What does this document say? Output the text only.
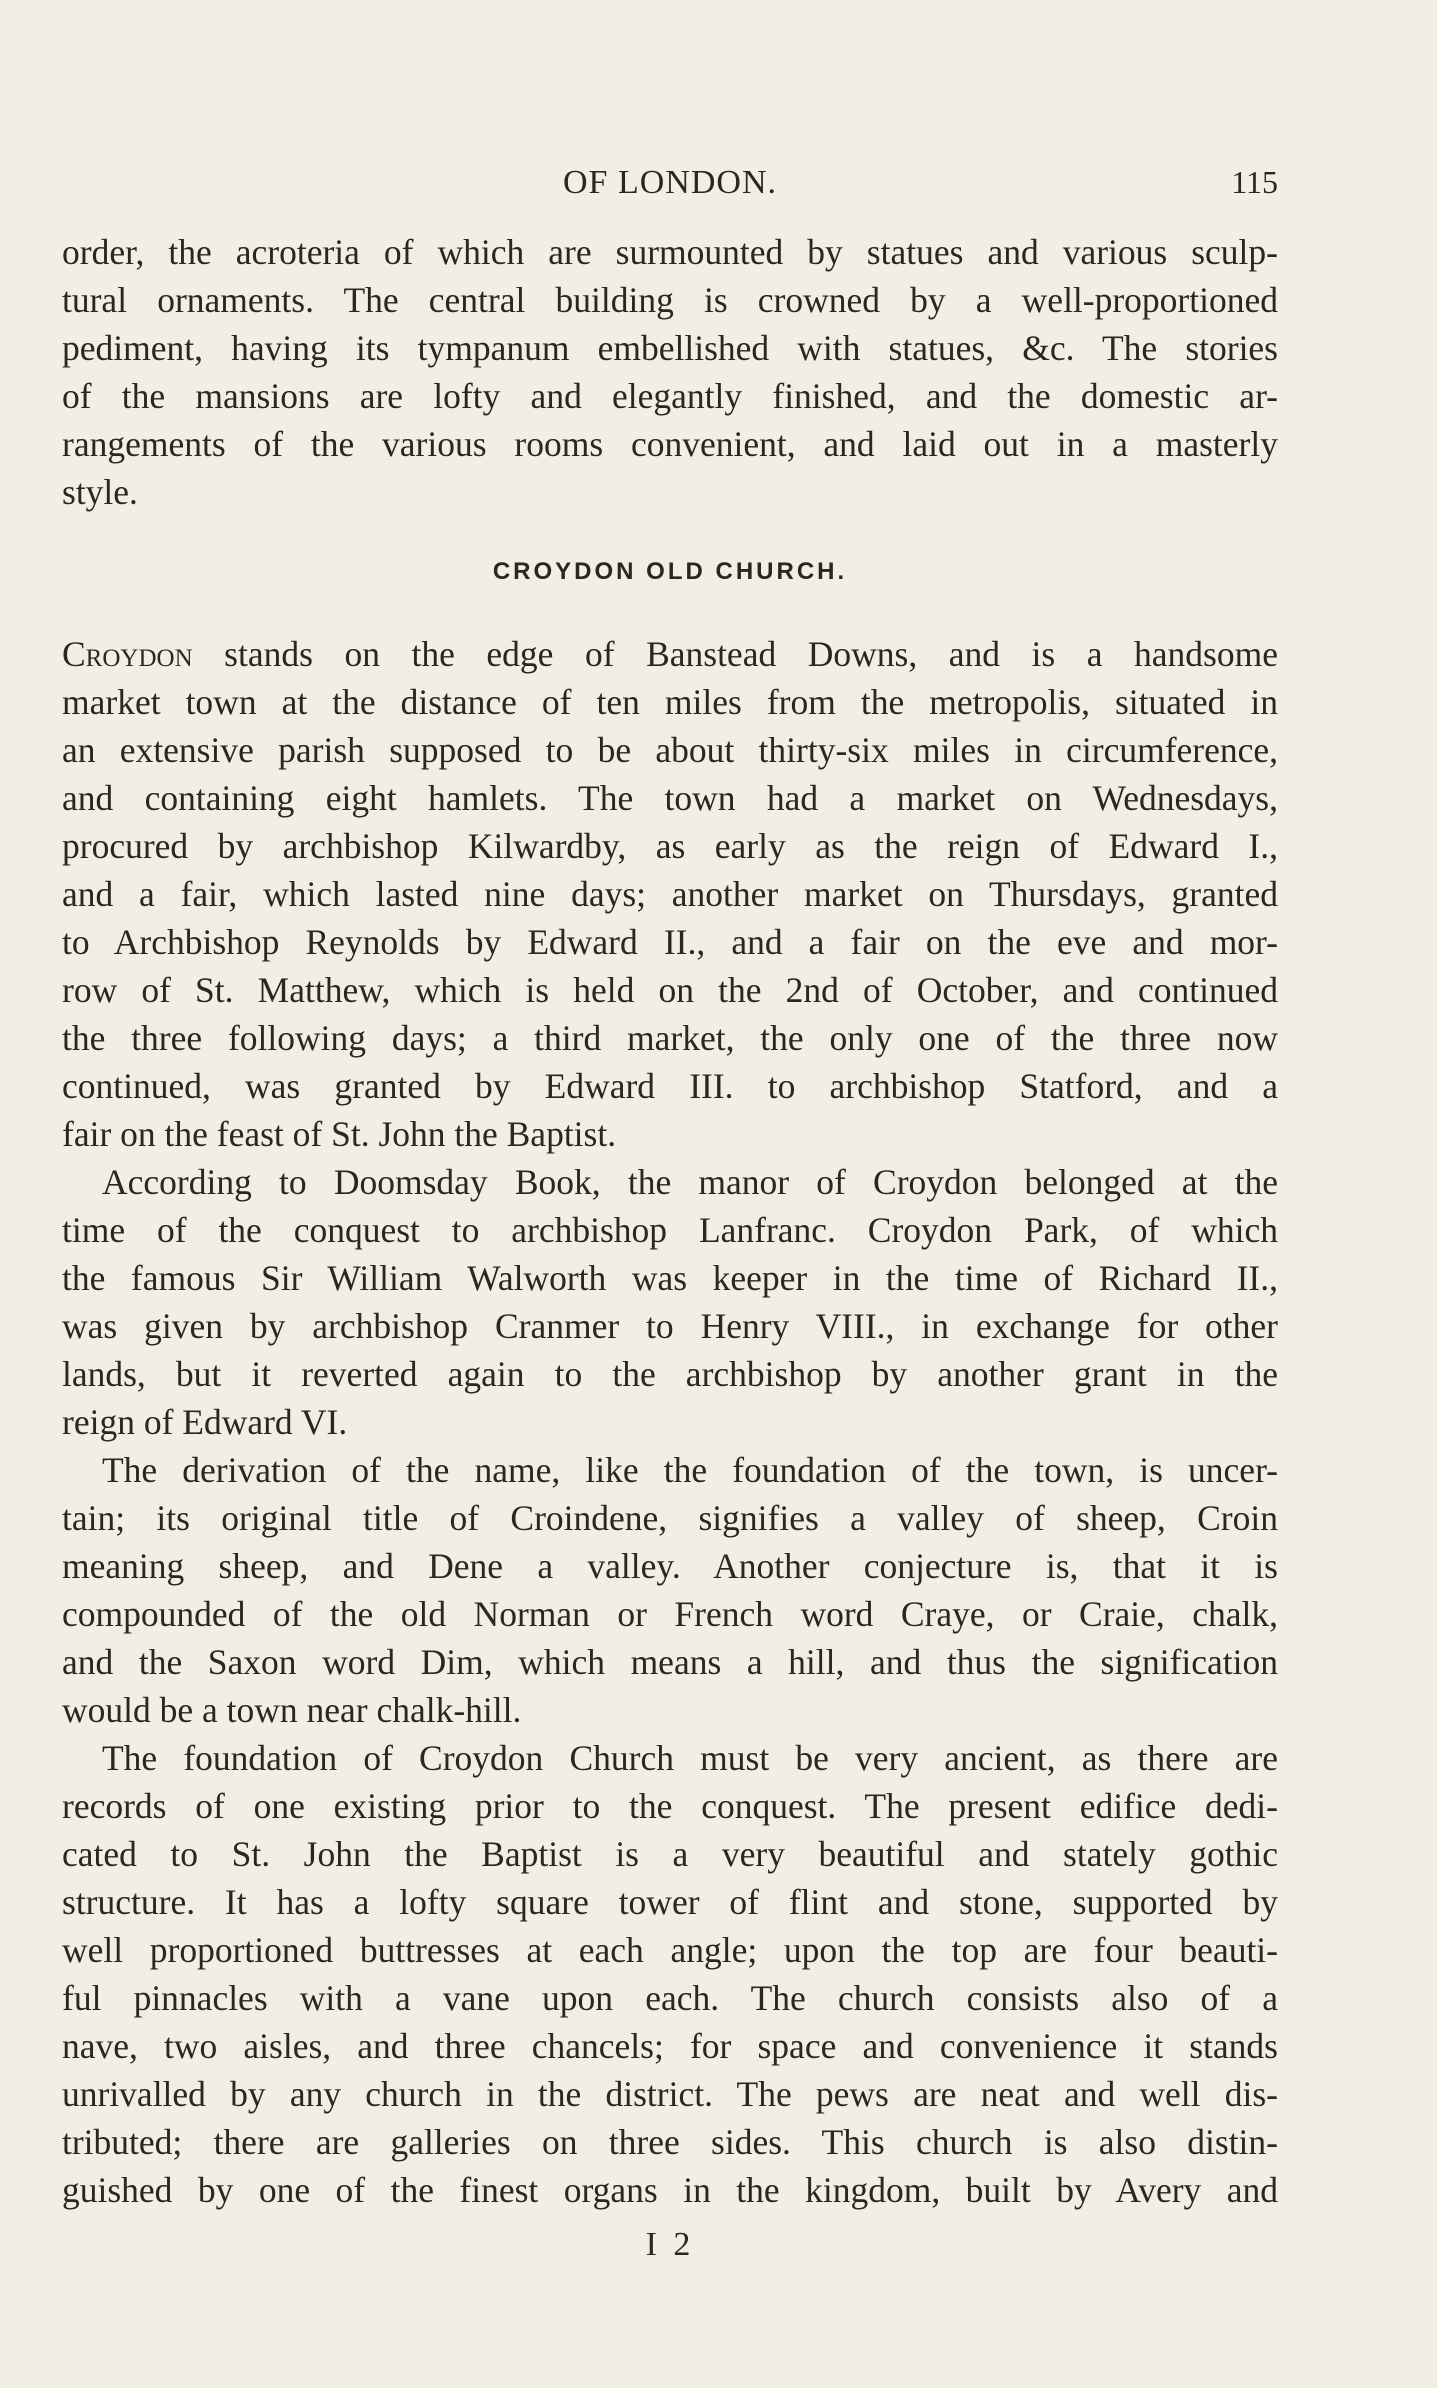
OF LONDON.	115
order, the acroteria of which are surmounted by statues and various sculp-
tural ornaments. The central building is crowned by a well-proportioned
pediment, having its tympanum embellished with statues, &c. The stories
of the mansions are lofty and elegantly finished, and the domestic ar-
rangements of the various rooms convenient, and laid out in a masterly
style.
CROYDON OLD CHURCH.
Croydon stands on the edge of Banstead Downs, and is a handsome
market town at the distance of ten miles from the metropolis, situated in
an extensive parish supposed to be about thirty-six miles in circumference,
and containing eight hamlets. The town had a market on Wednesdays,
procured by archbishop Kilwardby, as early as the reign of Edward I.,
and a fair, which lasted nine days; another market on Thursdays, granted
to Archbishop Reynolds by Edward II., and a fair on the eve and mor-
row of St. Matthew, which is held on the 2nd of October, and continued
the three following days; a third market, the only one of the three now
continued, was granted by Edward III. to archbishop Statford, and a
fair on the feast of St. John the Baptist.
According to Doomsday Book, the manor of Croydon belonged at the
time of the conquest to archbishop Lanfranc. Croydon Park, of which
the famous Sir William Walworth was keeper in the time of Richard II.,
was given by archbishop Cranmer to Henry VIII., in exchange for other
lands, but it reverted again to the archbishop by another grant in the
reign of Edward VI.
The derivation of the name, like the foundation of the town, is uncer-
tain; its original title of Croindene, signifies a valley of sheep, Croin
meaning sheep, and Dene a valley. Another conjecture is, that it is
compounded of the old Norman or French word Craye, or Craie, chalk,
and the Saxon word Dim, which means a hill, and thus the signification
would be a town near chalk-hill.
The foundation of Croydon Church must be very ancient, as there are
records of one existing prior to the conquest. The present edifice dedi-
cated to St. John the Baptist is a very beautiful and stately gothic
structure. It has a lofty square tower of flint and stone, supported by
well proportioned buttresses at each angle; upon the top are four beauti-
ful pinnacles with a vane upon each. The church consists also of a
nave, two aisles, and three chancels; for space and convenience it stands
unrivalled by any church in the district. The pews are neat and well dis-
tributed; there are galleries on three sides. This church is also distin-
guished by one of the finest organs in the kingdom, built by Avery and
I 2
